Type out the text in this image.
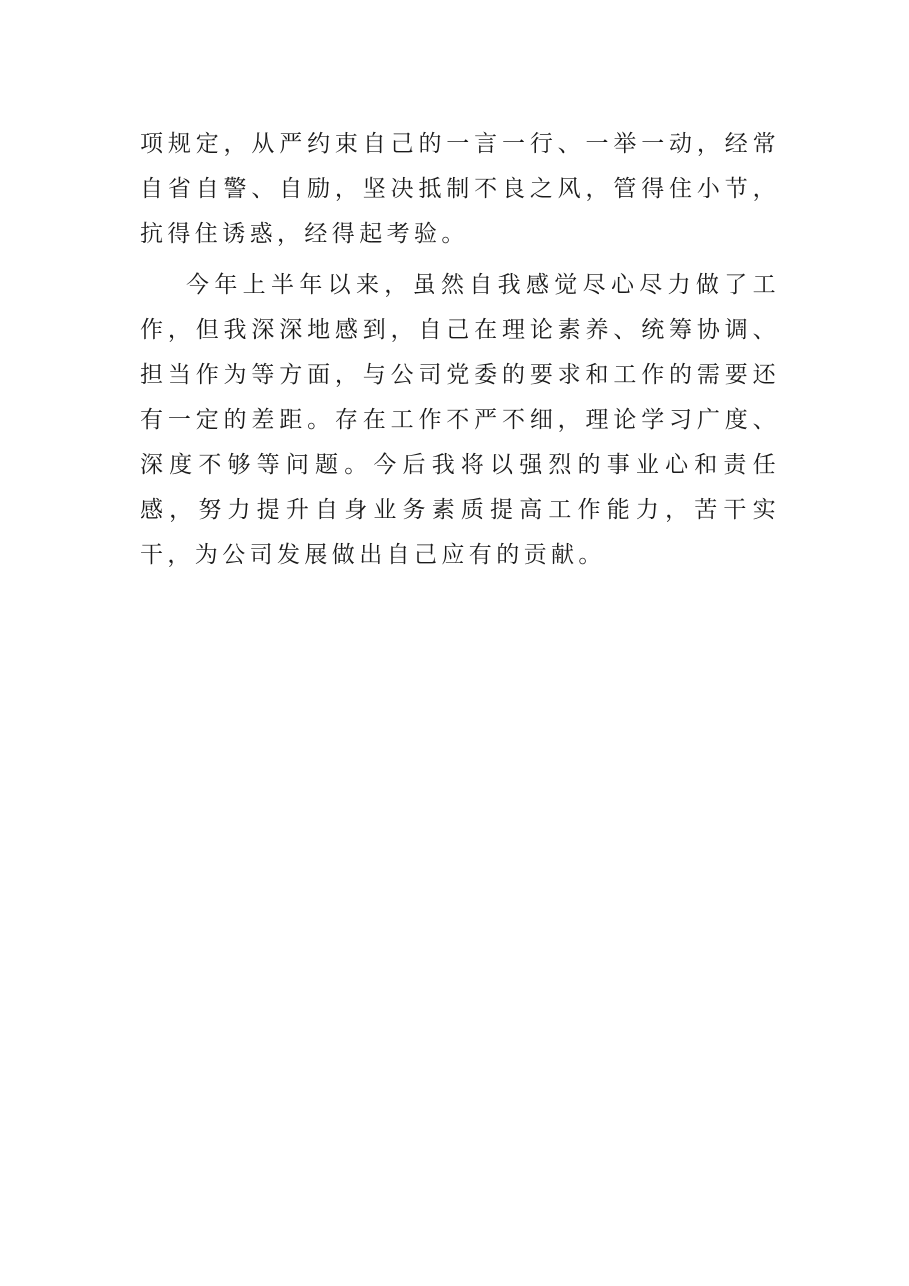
项规定，从严约束自己的一言一行、一举一动，经常自省自警、自励，坚决抵制不良之风，管得住小节，抗得住诱惑，经得起考验。

今年上半年以来，虽然自我感觉尽心尽力做了工作，但我深深地感到，自己在理论素养、统筹协调、担当作为等方面，与公司党委的要求和工作的需要还有一定的差距。存在工作不严不细，理论学习广度、深度不够等问题。今后我将以强烈的事业心和责任感，努力提升自身业务素质提高工作能力，苦干实干，为公司发展做出自己应有的贡献。
